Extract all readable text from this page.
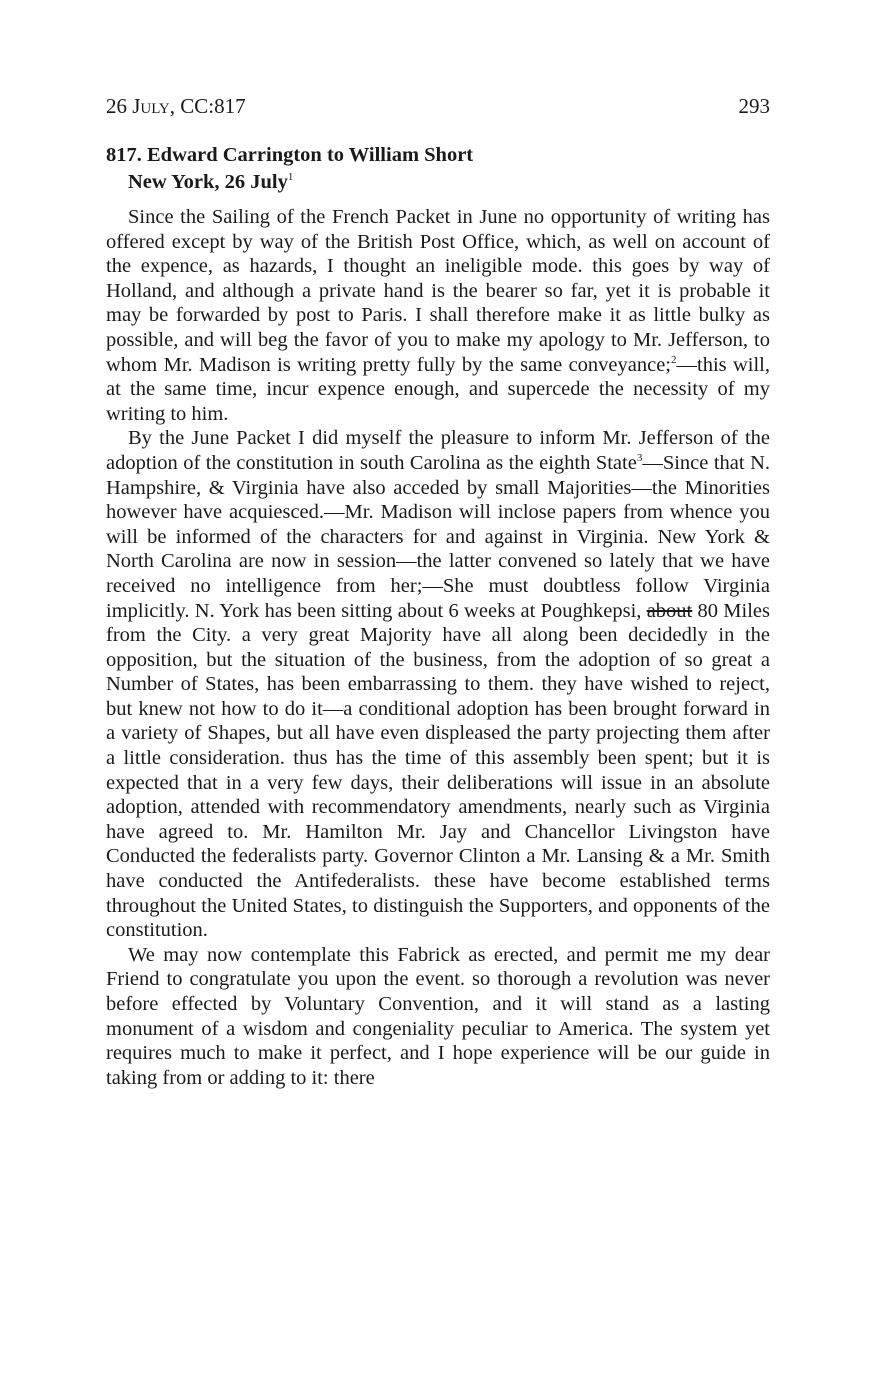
26 July, CC:817	293
817. Edward Carrington to William Short
New York, 26 July$^1$

Since the Sailing of the French Packet in June no opportunity of writing has offered except by way of the British Post Office, which, as well on account of the expence, as hazards, I thought an ineligible mode. this goes by way of Holland, and although a private hand is the bearer so far, yet it is probable it may be forwarded by post to Paris. I shall therefore make it as little bulky as possible, and will beg the favor of you to make my apology to Mr. Jefferson, to whom Mr. Madison is writing pretty fully by the same conveyance;$^2$—this will, at the same time, incur expence enough, and supercede the necessity of my writing to him.

By the June Packet I did myself the pleasure to inform Mr. Jefferson of the adoption of the constitution in south Carolina as the eighth State$^3$—Since that N. Hampshire, & Virginia have also acceded by small Majorities—the Minorities however have acquiesced.—Mr. Madison will inclose papers from whence you will be informed of the characters for and against in Virginia. New York & North Carolina are now in session—the latter convened so lately that we have received no intelligence from her;—She must doubtless follow Virginia implicitly. N. York has been sitting about 6 weeks at Poughkepsi, about 80 Miles from the City. a very great Majority have all along been decidedly in the opposition, but the situation of the business, from the adoption of so great a Number of States, has been embarrassing to them. they have wished to reject, but knew not how to do it—a conditional adoption has been brought forward in a variety of Shapes, but all have even displeased the party projecting them after a little consideration. thus has the time of this assembly been spent; but it is expected that in a very few days, their deliberations will issue in an absolute adoption, attended with recommendatory amendments, nearly such as Virginia have agreed to. Mr. Hamilton Mr. Jay and Chancellor Livingston have Conducted the federalists party. Governor Clinton a Mr. Lansing & a Mr. Smith have conducted the Antifederalists. these have become established terms throughout the United States, to distinguish the Supporters, and opponents of the constitution.

We may now contemplate this Fabrick as erected, and permit me my dear Friend to congratulate you upon the event. so thorough a revolution was never before effected by Voluntary Convention, and it will stand as a lasting monument of a wisdom and congeniality peculiar to America. The system yet requires much to make it perfect, and I hope experience will be our guide in taking from or adding to it: there
